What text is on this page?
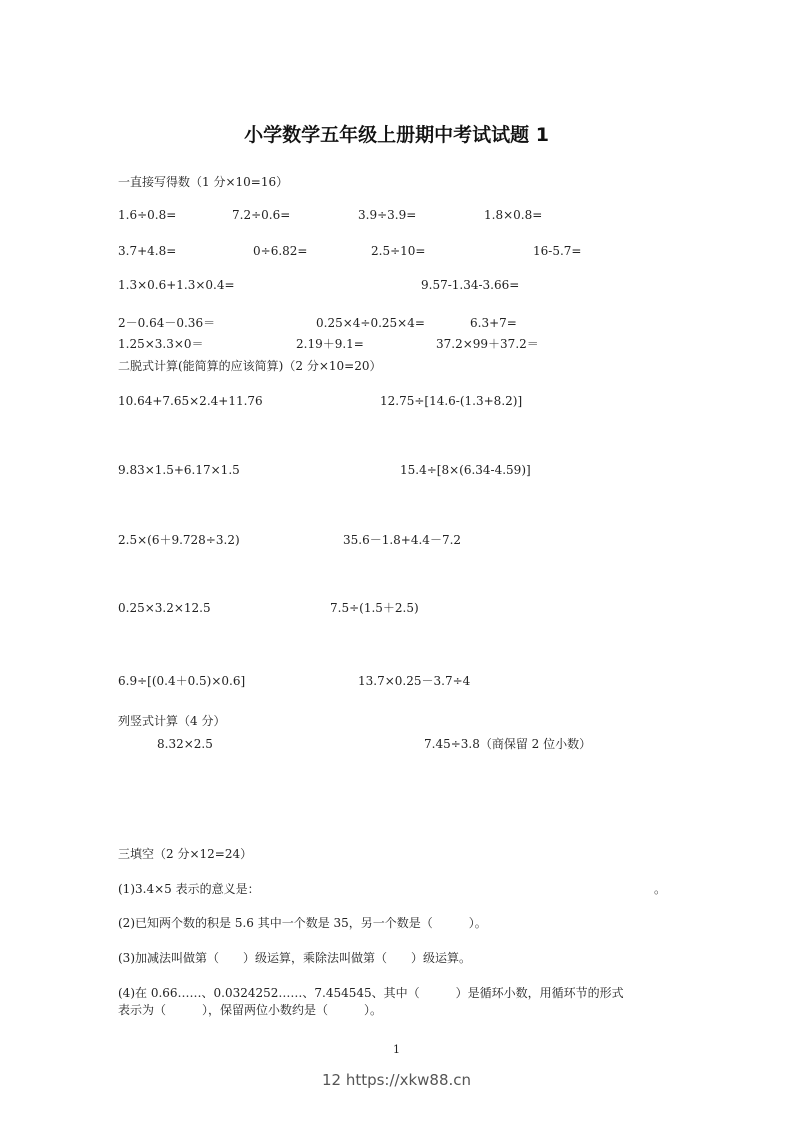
小学数学五年级上册期中考试试题 1
一直接写得数（1 分×10=16）
1.6÷0.8=	7.2÷0.6=	3.9÷3.9=	1.8×0.8=
3.7+4.8=	0÷6.82=	2.5÷10=	16-5.7=
1.3×0.6+1.3×0.4=	9.57-1.34-3.66=
2－0.64－0.36＝	0.25×4÷0.25×4=	6.3+7=
1.25×3.3×0＝	2.19＋9.1=	37.2×99＋37.2＝
二脱式计算(能简算的应该简算)（2 分×10=20）
10.64+7.65×2.4+11.76	12.75÷[14.6-(1.3+8.2)]
9.83×1.5+6.17×1.5	15.4÷[8×(6.34-4.59)]
2.5×(6＋9.728÷3.2)	35.6－1.8+4.4－7.2
0.25×3.2×12.5	7.5÷(1.5＋2.5)
6.9÷[(0.4＋0.5)×0.6]	13.7×0.25－3.7÷4
列竖式计算（4 分）
8.32×2.5	7.45÷3.8（商保留 2 位小数）
三填空（2 分×12=24）
(1)3.4×5 表示的意义是：	。
(2)已知两个数的积是 5.6 其中一个数是 35，另一个数是（　　　）。
(3)加减法叫做第（　　）级运算，乘除法叫做第（　　）级运算。
(4)在 0.66……、0.0324252……、7.454545、其中（　　　）是循环小数，用循环节的形式
表示为（　　　），保留两位小数约是（　　　）。
1
12 https://xkw88.cn
